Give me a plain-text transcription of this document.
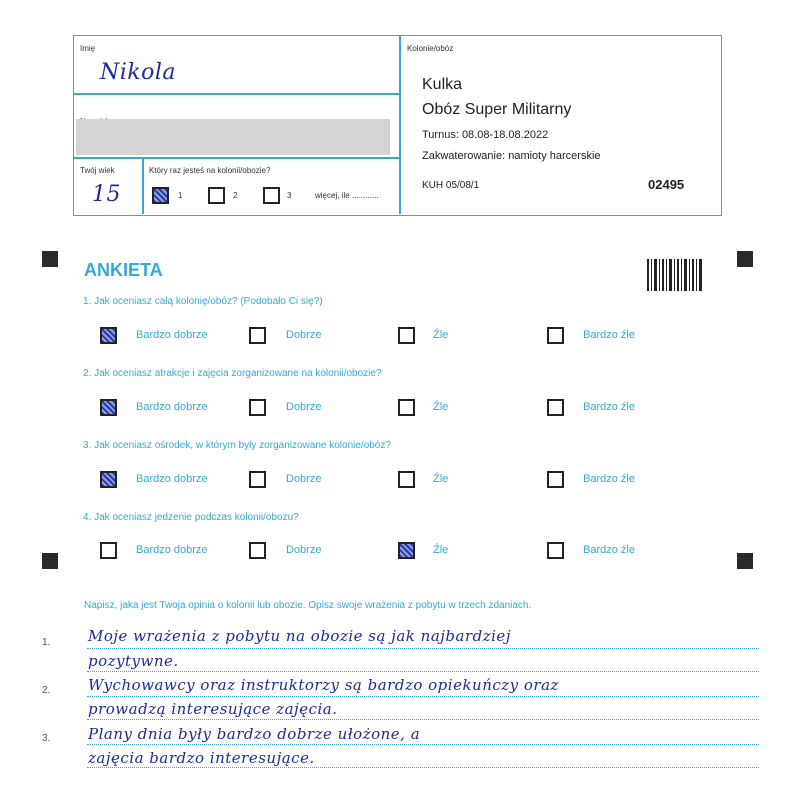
Imię
Nikola
Twój wiek
15
Który raz jesteś na kolonii/obozie?
1	2	3	więcej, ile ............
Kolonie/obóz
Kulka
Obóz Super Militarny
Turnus: 08.08-18.08.2022
Zakwaterowanie: namioty harcerskie
KUH 05/08/1	02495
ANKIETA
1. Jak oceniasz całą kolonię/obóz? (Podobało Ci się?)
2. Jak oceniasz atrakcje i zajęcia zorganizowane na kolonii/obozie?
3. Jak oceniasz ośrodek, w którym były zorganizowane kolonie/obóz?
4. Jak oceniasz jedzenie podczas kolonii/obozu?
Napisz, jaka jest Twoja opinia o kolonii lub obozie. Opisz swoje wrażenia z pobytu w trzech zdaniach.
1.
2.
3.
Moje wrażenia z pobytu na obozie są jak najbardziej
pozytywne.
Wychowawcy oraz instruktorzy są bardzo opiekuńczy oraz
prowadzą interesujące zajęcia.
Plany dnia były bardzo dobrze ułożone, a
zajęcia bardzo interesujące.
Bardzo dobrze	Dobrze	Źle	Bardzo źle
Bardzo dobrze	Dobrze	Źle	Bardzo źle
Bardzo dobrze	Dobrze	Źle	Bardzo źle
Bardzo dobrze	Dobrze	Źle	Bardzo źle
